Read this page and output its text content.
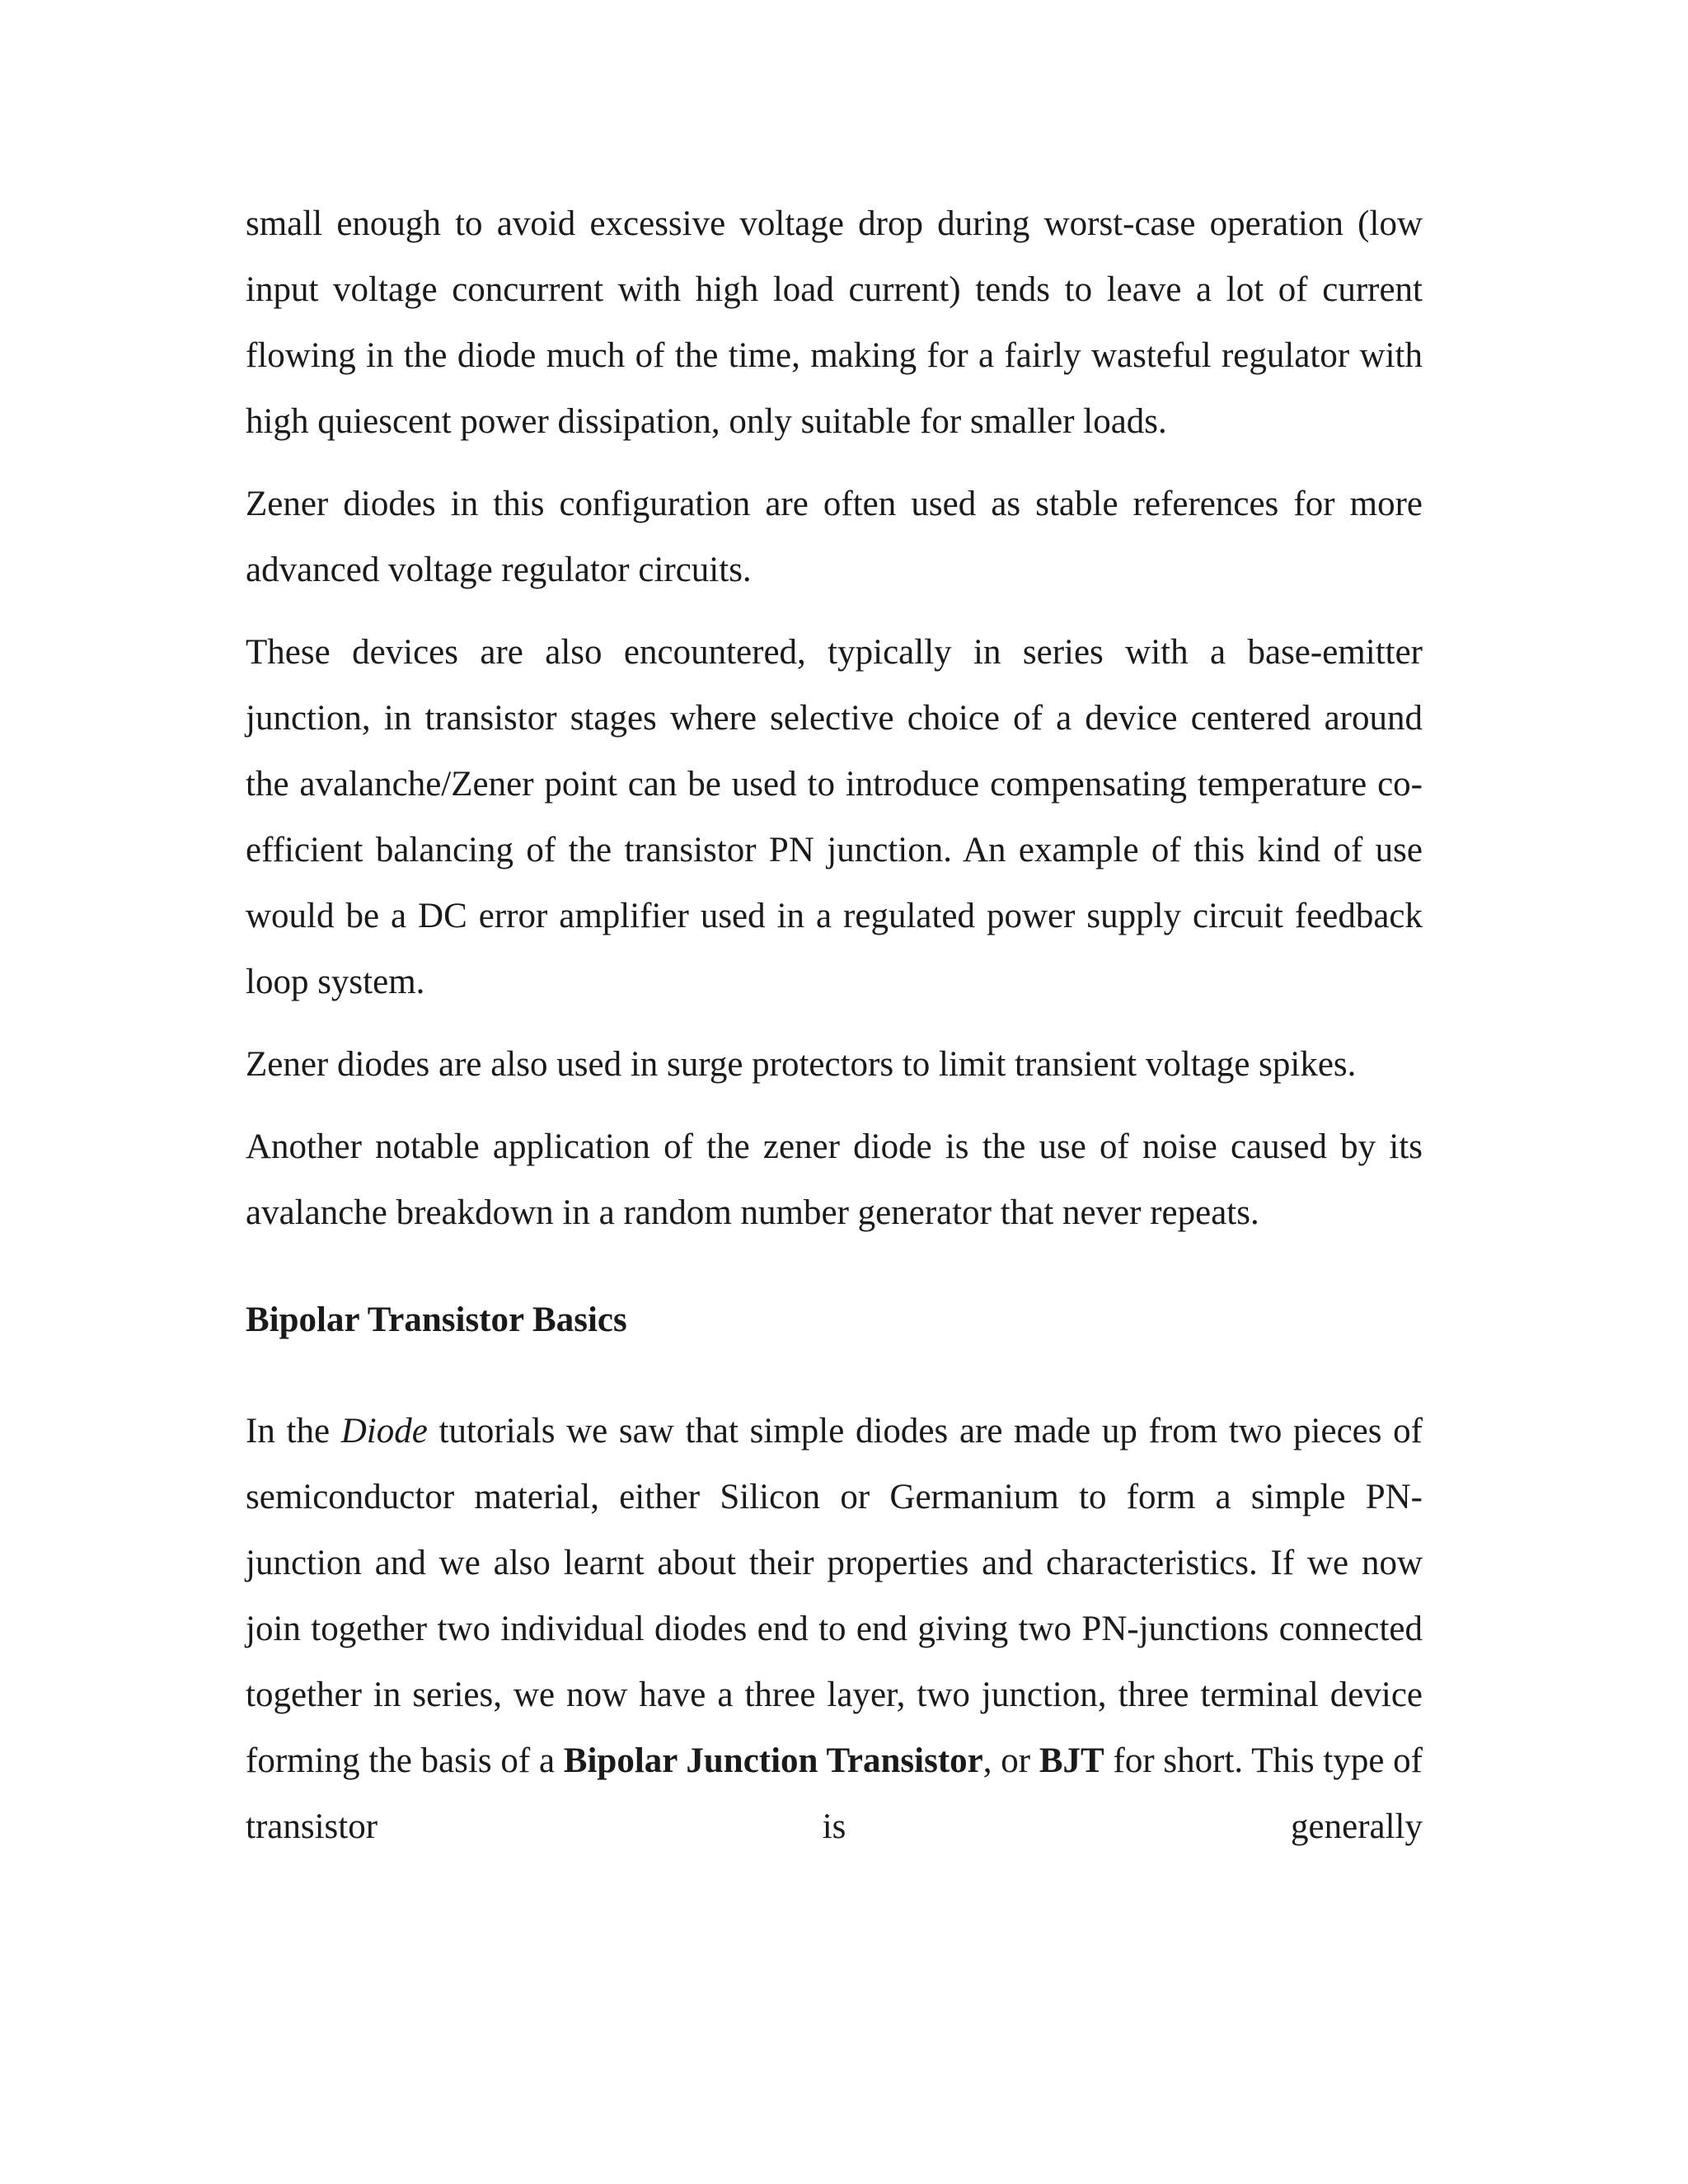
small enough to avoid excessive voltage drop during worst-case operation (low input voltage concurrent with high load current) tends to leave a lot of current flowing in the diode much of the time, making for a fairly wasteful regulator with high quiescent power dissipation, only suitable for smaller loads.

Zener diodes in this configuration are often used as stable references for more advanced voltage regulator circuits.

These devices are also encountered, typically in series with a base-emitter junction, in transistor stages where selective choice of a device centered around the avalanche/Zener point can be used to introduce compensating temperature co-efficient balancing of the transistor PN junction. An example of this kind of use would be a DC error amplifier used in a regulated power supply circuit feedback loop system.

Zener diodes are also used in surge protectors to limit transient voltage spikes.

Another notable application of the zener diode is the use of noise caused by its avalanche breakdown in a random number generator that never repeats.

Bipolar Transistor Basics

In the Diode tutorials we saw that simple diodes are made up from two pieces of semiconductor material, either Silicon or Germanium to form a simple PN-junction and we also learnt about their properties and characteristics. If we now join together two individual diodes end to end giving two PN-junctions connected together in series, we now have a three layer, two junction, three terminal device forming the basis of a Bipolar Junction Transistor, or BJT for short. This type of transistor is generally
